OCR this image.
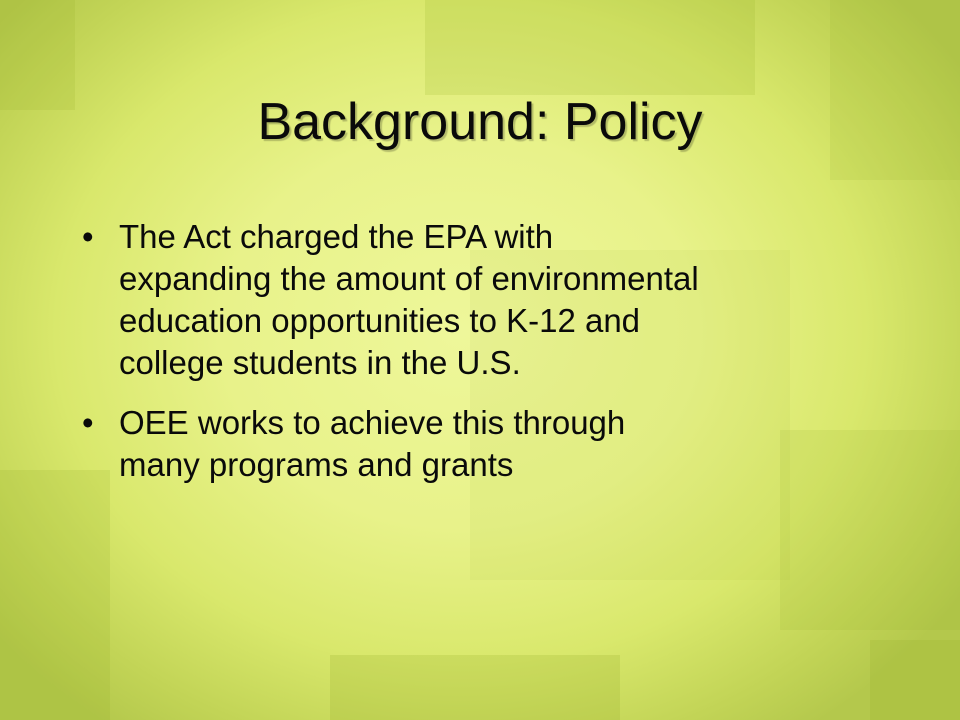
Background: Policy
• The Act charged the EPA with
expanding the amount of environmental
education opportunities to K-12 and
college students in the U.S.
• OEE works to achieve this through
many programs and grants
